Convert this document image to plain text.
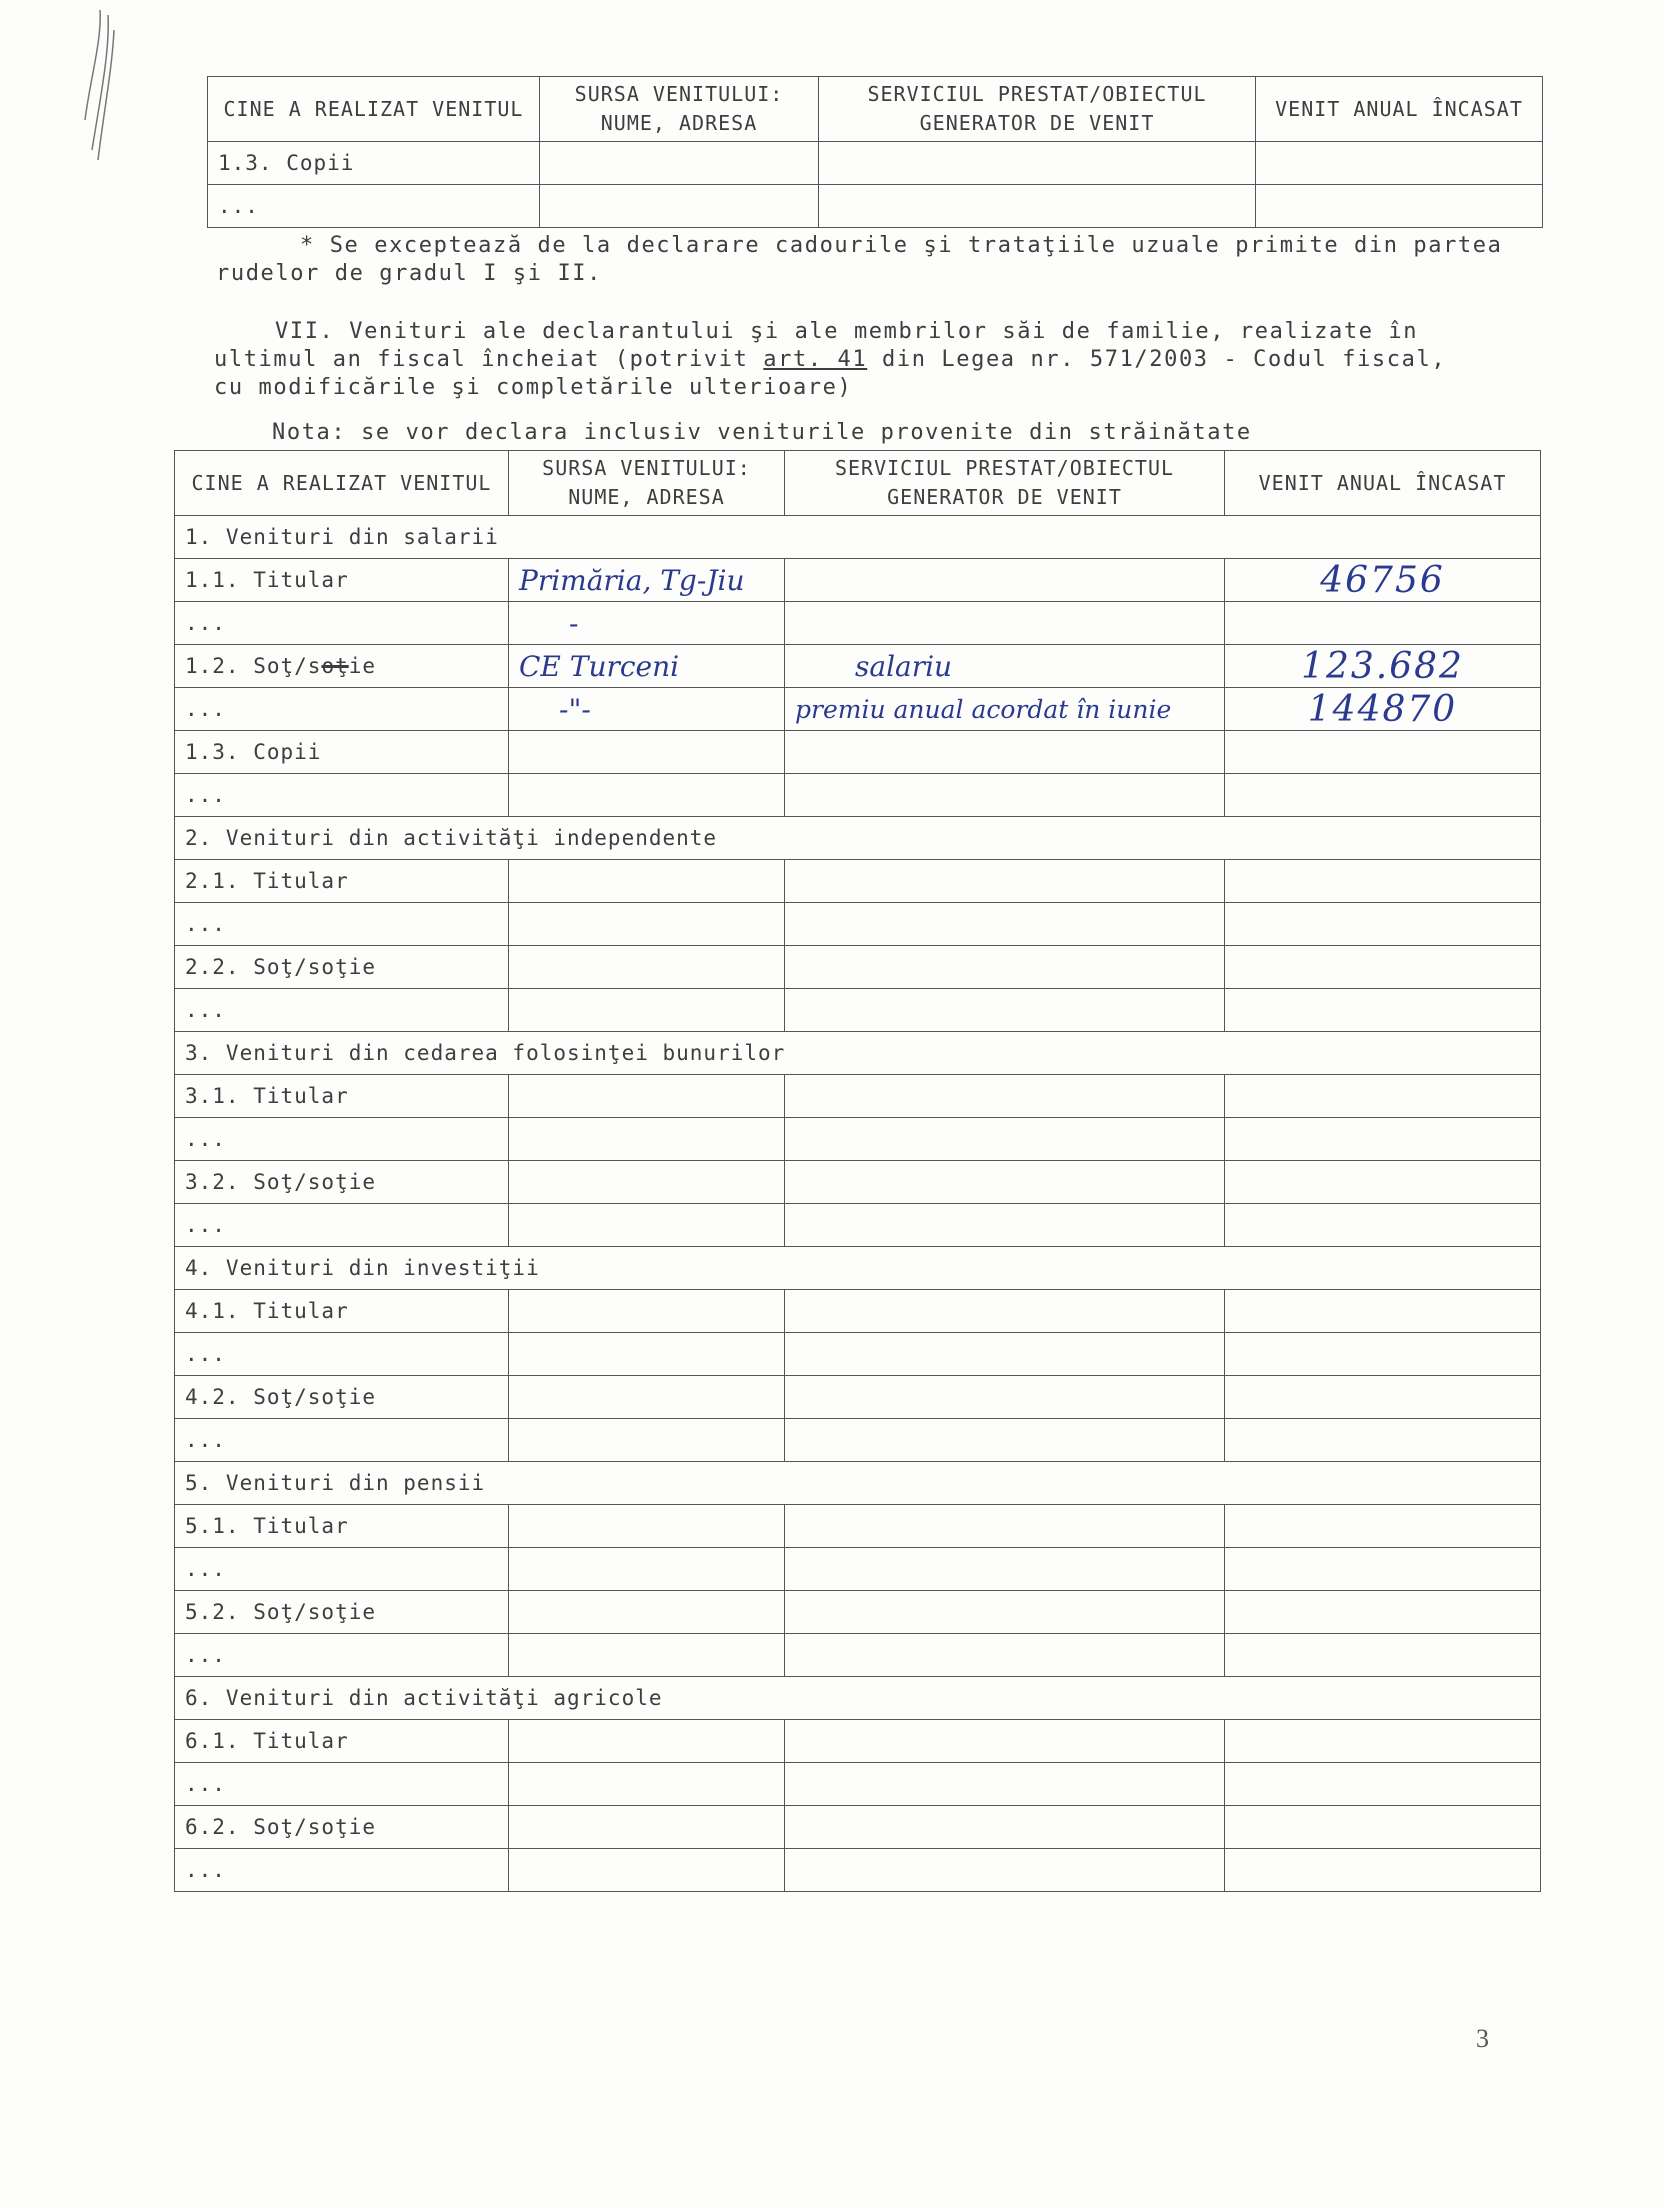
CINE A REALIZAT VENITUL	SURSA VENITULUI: NUME, ADRESA	SERVICIUL PRESTAT/OBIECTUL GENERATOR DE VENIT	VENIT ANUAL ÎNCASAT
1.3. Copii			
...			
* Se exceptează de la declarare cadourile şi trataţiile uzuale primite din partea
rudelor de gradul I şi II.
VII. Venituri ale declarantului şi ale membrilor săi de familie, realizate în
ultimul an fiscal încheiat (potrivit art. 41 din Legea nr. 571/2003 - Codul fiscal,
cu modificările şi completările ulterioare)
Nota: se vor declara inclusiv veniturile provenite din străinătate
CINE A REALIZAT VENITUL	SURSA VENITULUI: NUME, ADRESA	SERVICIUL PRESTAT/OBIECTUL GENERATOR DE VENIT	VENIT ANUAL ÎNCASAT
1. Venituri din salarii			
1.1. Titular	Primăria, Tg-Jiu		46756
...	-		
1.2. Soţ/soţie	CE Turceni	salariu	123.682
...	-"-	premiu anual acordat în iunie	144870
1.3. Copii			
...			
2. Venituri din activităţi independente			
2.1. Titular			
...			
2.2. Soţ/soţie			
...			
3. Venituri din cedarea folosinţei bunurilor			
3.1. Titular			
...			
3.2. Soţ/soţie			
...			
4. Venituri din investiţii			
4.1. Titular			
...			
4.2. Soţ/soţie			
...			
5. Venituri din pensii			
5.1. Titular			
...			
5.2. Soţ/soţie			
...			
6. Venituri din activităţi agricole			
6.1. Titular			
...			
6.2. Soţ/soţie			
...			
3
